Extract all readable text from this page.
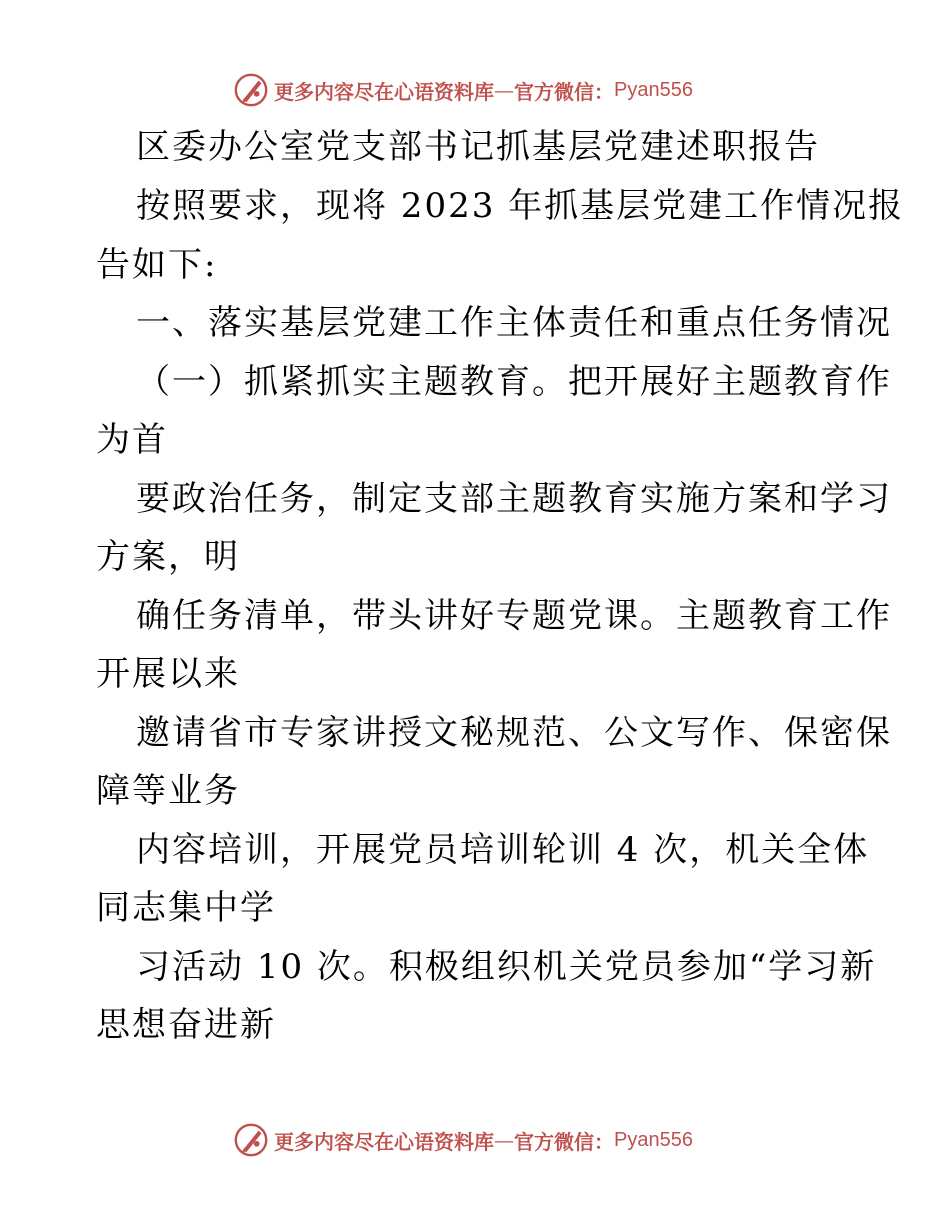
更多内容尽在心语资料库 — 官方微信： Pyan556
区委办公室党支部书记抓基层党建述职报告
按照要求，现将 2023 年抓基层党建工作情况报
告如下:
一、落实基层党建工作主体责任和重点任务情况
（一）抓紧抓实主题教育。把开展好主题教育作
为首
要政治任务，制定支部主题教育实施方案和学习
方案，明
确任务清单，带头讲好专题党课。主题教育工作
开展以来
邀请省市专家讲授文秘规范、公文写作、保密保
障等业务
内容培训，开展党员培训轮训 4 次，机关全体
同志集中学
习活动 10 次。积极组织机关党员参加“学习新
思想奋进新
更多内容尽在心语资料库 — 官方微信： Pyan556
